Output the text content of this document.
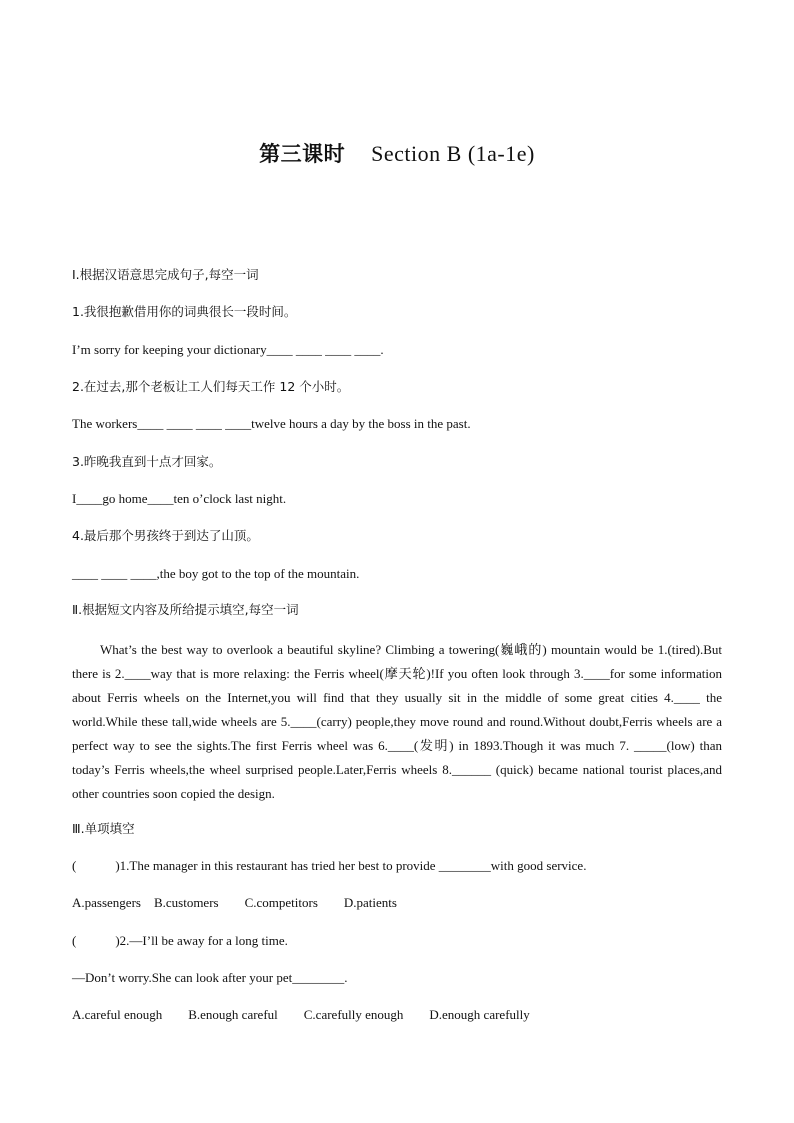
第三课时 Section B (1a-1e)
Ⅰ.根据汉语意思完成句子,每空一词
1.我很抱歉借用你的词典很长一段时间。
I’m sorry for keeping your dictionary____ ____ ____ ____.
2.在过去,那个老板让工人们每天工作 12 个小时。
The workers____ ____ ____ ____twelve hours a day by the boss in the past.
3.昨晚我直到十点才回家。
I____go home____ten o’clock last night.
4.最后那个男孩终于到达了山顶。
____ ____ ____,the boy got to the top of the mountain.
Ⅱ.根据短文内容及所给提示填空,每空一词
What’s the best way to overlook a beautiful skyline? Climbing a towering(巍峨的) mountain would be 1.(tired).But there is 2.____way that is more relaxing: the Ferris wheel(摩天轮)!If you often look through 3.____for some information about Ferris wheels on the Internet,you will find that they usually sit in the middle of some great cities 4.____ the world.While these tall,wide wheels are 5.____(carry) people,they move round and round.Without doubt,Ferris wheels are a perfect way to see the sights.The first Ferris wheel was 6.____(发明) in 1893.Though it was much 7. _____(low) than today’s Ferris wheels,the wheel surprised people.Later,Ferris wheels 8.______ (quick) became national tourist places,and other countries soon copied the design.
Ⅲ.单项填空
(　　　)1.The manager in this restaurant has tried her best to provide ________with good service.
A.passengers　B.customers　　C.competitors　　D.patients
(　　　)2.—I’ll be away for a long time.
—Don’t worry.She can look after your pet________.
A.careful enough　　B.enough careful　　C.carefully enough　　D.enough carefully
